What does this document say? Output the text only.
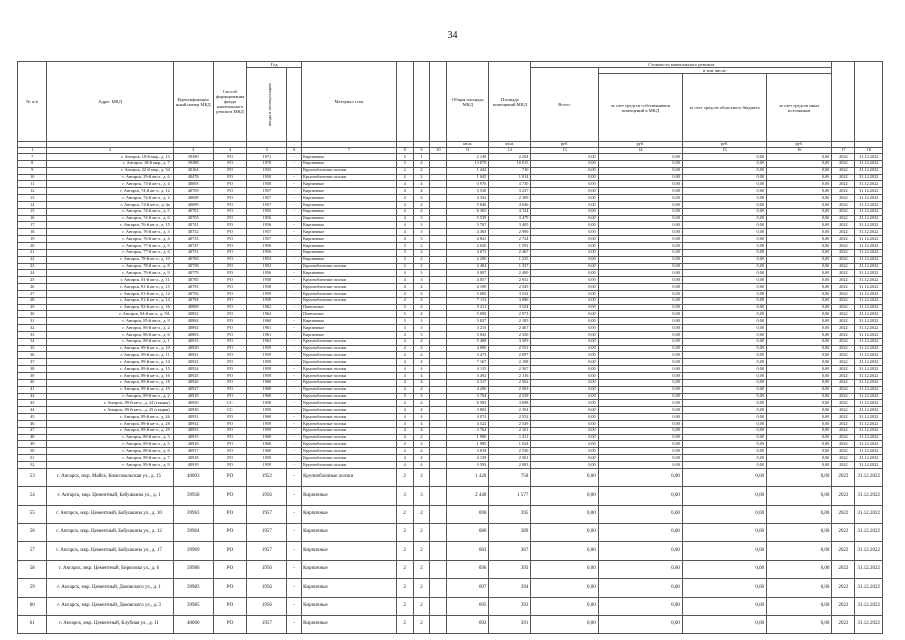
34
№ п/п	Адрес МКД	Идентификацио нный номер МКД	Способ формирования фонда капитального ремонта МКД	Год		Материал стен				Общая площадь МКД	Площадь помещений МКД	Стоимость капитального ремонта		
				ввода в эксплуатацию								Всего:	в том числе:				
													за счет средств собственников помещений в МКД	за счет средств областного бюджета	за счет средств иных источников		
										кв.м.	кв.м.	руб.	руб.	руб.	руб.		
1	2	3	4	5	6	7	8	9	10	11	12	13	14	15	16	17	18
7	г. Ангарск, 18-й мкр., д. 13	39390	РО	1971	-	Кирпичные	5	1		2 149	2 294	0,00	0,00	0,00	0,00	2022	31.12.2022
8	г. Ангарск, 18-й мкр., д. 7	39388	РО	1970	-	Кирпичные	5	4		13 879	10 915	0,00	0,00	0,00	0,00	2022	31.12.2022
9	г. Ангарск, 22-й мкр., д. 34	40164	РО	1933	-	Крупноблочные ползки	2	2		1 442	710	0,00	0,00	0,00	0,00	2022	31.12.2022
10	г. Ангарск, 29-й кв-л., д. 6	40478	РО	1950	-	Крупноблочные ползки	2	2		1 045	1 014	0,00	0,00	0,00	0,00	2022	31.12.2022
11	г. Ангарск, 73-й кв-л., д. 4	40693	РО	1958	-	Кирпичные	4	4		3 976	3 730	0,00	0,00	0,00	0,00	2022	31.12.2022
12	г. Ангарск, 74-й кв-л., д. 12	40709	РО	1957	-	Кирпичные	4	4		3 530	3 237	0,00	0,00	0,00	0,00	2022	31.12.2022
13	г. Ангарск, 74-й кв-л., д. 2	40698	РО	1957	-	Кирпичные	4	4		4 332	2 389	0,00	0,00	0,00	0,00	2022	31.12.2022
14	г. Ангарск, 74-й кв-л., д. 4а	40699	РО	1957	-	Кирпичные	4	4		5 846	4 046	0,00	0,00	0,00	0,00	2022	31.12.2022
15	г. Ангарск, 74-й кв-л., д. 5	40701	РО	1955	-	Кирпичные	4	4		6 365	4 124	0,00	0,00	0,00	0,00	2022	31.12.2022
16	г. Ангарск, 74-й кв-л., д. 6	40703	РО	1956	-	Кирпичные	4	3		5 539	3 479	0,00	0,00	0,00	0,00	2022	31.12.2022
17	г. Ангарск, 76-й кв-л., д. 15	40741	РО	1956	-	Кирпичные	4	3		3 767	3 405	0,00	0,00	0,00	0,00	2022	31.12.2022
18	г. Ангарск, 76-й кв-л., д. 3	40732	РО	1957	-	Кирпичные	4	3		4 363	2 990	0,00	0,00	0,00	0,00	2022	31.12.2022
19	г. Ангарск, 76-й кв-л., д. 4	40733	РО	1957	-	Кирпичные	4	3		4 841	2 724	0,00	0,00	0,00	0,00	2022	31.12.2022
20	г. Ангарск, 77-й кв-л., д. 5	40747	РО	1956	-	Кирпичные	3	2		2 630	1 591	0,00	0,00	0,00	0,00	2022	31.12.2022
21	г. Ангарск, 77-й кв-л., д. 6	40751	РО	1956	-	Кирпичные	3	2		4 673	2 467	0,00	0,00	0,00	0,00	2022	31.12.2022
22	г. Ангарск, 78-й кв-л., д. 10	40760	РО	1953	-	Кирпичные	3	2		2 290	1 235	0,00	0,00	0,00	0,00	2022	31.12.2022
23	г. Ангарск, 78-й кв-л., д. 8	40758	РО	1952	-	Крупноблочные ползки	2	2		2 404	1 337	0,00	0,00	0,00	0,00	2022	31.12.2022
24	г. Ангарск, 79-й кв-л., д. 9	40779	РО	1956	-	Кирпичные	4	3		4 007	2 490	0,00	0,00	0,00	0,00	2022	31.12.2022
25	г. Ангарск, 81-й кв-л., д. 11	40785	РО	1958	-	Крупноблочные ползки	4	3		4 057	2 931	0,00	0,00	0,00	0,00	2022	31.12.2022
26	г. Ангарск, 81-й кв-л., д. 15	40791	РО	1958	-	Крупноблочные ползки	4	4		4 190	2 545	0,00	0,00	0,00	0,00	2022	31.12.2022
27	г. Ангарск, 81-й кв-л., д. 12	40792	РО	1959	-	Крупноблочные ползки	4	4		5 685	3 532	0,00	0,00	0,00	0,00	2022	31.12.2022
28	г. Ангарск, 81-й кв-л., д. 14	40794	РО	1958	-	Крупноблочные ползки	4	4		7 113	3 086	0,00	0,00	0,00	0,00	2022	31.12.2022
29	г. Ангарск, 82-й кв-л., д. 16	40809	РО	1962	-	Панельные	5	4		5 411	3 524	0,00	0,00	0,00	0,00	2022	31.12.2022
30	г. Ангарск, 84-й кв-л., д. 9А	40852	РО	1962	-	Панельные	5	4		5 009	2 973	0,00	0,00	0,00	0,00	2022	31.12.2022
31	г. Ангарск, 85-й кв-л., д. 9	40862	РО	1960	-	Кирпичные	3	3		3 827	2 185	0,00	0,00	0,00	0,00	2022	31.12.2022
32	г. Ангарск, 86-й кв-л., д. 2	40892	РО	1961	-	Кирпичные	3	3		3 215	2 467	0,00	0,00	0,00	0,00	2022	31.12.2022
33	г. Ангарск, 86-й кв-л., д. 6	40893	РО	1961	-	Кирпичные	4	3		3 843	2 356	0,00	0,00	0,00	0,00	2022	31.12.2022
34	г. Ангарск, 88-й кв-л., д. 1	40913	РО	1963	-	Крупноблочные ползки	4	4		5 488	3 393	0,00	0,00	0,00	0,00	2022	31.12.2022
35	г. Ангарск, 89-й кв-л., д. 10	40920	РО	1959	-	Крупноблочные ползки	4	4		4 096	2 551	0,00	0,00	0,00	0,00	2022	31.12.2022
36	г. Ангарск, 89-й кв-л., д. 11	40921	РО	1959	-	Крупноблочные ползки	4	4		3 473	2 097	0,00	0,00	0,00	0,00	2022	31.12.2022
37	г. Ангарск, 89-й кв-л., д. 14	40922	РО	1959	-	Крупноблочные ползки	4	4		7 167	2 108	0,00	0,00	0,00	0,00	2022	31.12.2022
38	г. Ангарск, 89-й кв-л., д. 15	40924	РО	1959	-	Крупноблочные ползки	4	4		4 115	2 567	0,00	0,00	0,00	0,00	2022	31.12.2022
39	г. Ангарск, 89-й кв-л., д. 16	40925	РО	1959	-	Крупноблочные ползки	4	4		3 492	2 116	0,00	0,00	0,00	0,00	2022	31.12.2022
40	г. Ангарск, 89-й кв-л., д. 18	40926	РО	1960	-	Крупноблочные ползки	4	4		4 317	2 562	0,00	0,00	0,00	0,00	2022	31.12.2022
41	г. Ангарск, 89-й кв-л., д. 19	40927	РО	1960	-	Крупноблочные ползки	4	4		4 290	2 563	0,00	0,00	0,00	0,00	2022	31.12.2022
42	г. Ангарск, 89-й кв-л., д. 2	40918	РО	1960	-	Крупноблочные ползки	3	3		3 794	2 529	0,00	0,00	0,00	0,00	2022	31.12.2022
43	г. Ангарск, 89-й кв-л., д. 24 (секция)	40929	СС	1958	-	Крупноблочные ползки	4	4		6 583	3 698	0,00	0,00	0,00	0,00	2022	31.12.2022
44	г. Ангарск, 89-й кв-л., д. 25 (секция)	40930	СС	1959	-	Крупноблочные ползки	4	4		3 802	2 354	0,00	0,00	0,00	0,00	2022	31.12.2022
45	г. Ангарск, 89-й кв-л., д. 26	40931	РО	1960	-	Крупноблочные ползки	4	4		4 074	2 552	0,00	0,00	0,00	0,00	2022	31.12.2022
46	г. Ангарск, 89-й кв-л., д. 28	40932	РО	1959	-	Крупноблочные ползки	4	4		4 522	2 549	0,00	0,00	0,00	0,00	2022	31.12.2022
47	г. Ангарск, 89-й кв-л., д. 29	40933	РО	1959	-	Крупноблочные ползки	4	4		3 764	2 101	0,00	0,00	0,00	0,00	2022	31.12.2022
48	г. Ангарск, 89-й кв-л., д. 3	40915	РО	1960	-	Крупноблочные ползки	4	2		1 980	1 411	0,00	0,00	0,00	0,00	2022	31.12.2022
49	г. Ангарск, 89-й кв-л., д. 5	40916	РО	1960	-	Крупноблочные ползки	4	2		1 985	1 024	0,00	0,00	0,00	0,00	2022	31.12.2022
50	г. Ангарск, 89-й кв-л., д. 6	40917	РО	1960	-	Крупноблочные ползки	4	4		3 818	2 530	0,00	0,00	0,00	0,00	2022	31.12.2022
51	г. Ангарск, 89-й кв-л., д. 7	40918	РО	1959	-	Крупноблочные ползки	4	4		4 139	2 561	0,00	0,00	0,00	0,00	2022	31.12.2022
52	г. Ангарск, 89-й кв-л., д. 9	40919	РО	1959	-	Крупноблочные ползки	4	4		3 593	2 083	0,00	0,00	0,00	0,00	2022	31.12.2022
53	г. Ангарск, мкр. Майск, Комсомольская ул., д. 15	40003	РО	1952	-	Крупноблочные ползки	2	2		1 420	758	0,00	0,00	0,00	0,00	2022	31.12.2022
54	г. Ангарск, мкр. Цементный, Бабушкина ул., д. 1	39958	РО	1956	-	Кирпичные	3	3		2 440	1 577	0,00	0,00	0,00	0,00	2022	31.12.2022
55	г. Ангарск, мкр. Цементный, Бабушкина ул., д. 10	39963	РО	1957	-	Кирпичные	2	2		696	395	0,00	0,00	0,00	0,00	2022	31.12.2022
56	г. Ангарск, мкр. Цементный, Бабушкина ул., д. 12	39964	РО	1957	-	Кирпичные	2	2		686	389	0,00	0,00	0,00	0,00	2022	31.12.2022
57	г. Ангарск, мкр. Цементный, Бабушкина ул., д. 17	39969	РО	1957	-	Кирпичные	2	2		683	367	0,00	0,00	0,00	0,00	2022	31.12.2022
58	г. Ангарск, мкр. Цементный, Бирюзова ул., д. 6	39986	РО	1956	-	Кирпичные	2	2		696	393	0,00	0,00	0,00	0,00	2022	31.12.2022
59	г. Ангарск, мкр. Цементный, Доковского ул., д. 1	39983	РО	1956	-	Кирпичные	2	2		697	394	0,00	0,00	0,00	0,00	2022	31.12.2022
60	г. Ангарск, мкр. Цементный, Доковского ул., д. 3	39985	РО	1956	-	Кирпичные	2	2		695	393	0,00	0,00	0,00	0,00	2022	31.12.2022
61	г. Ангарск, мкр. Цементный, Клубная ул., д. 11	40000	РО	1957	-	Кирпичные	2	2		692	391	0,00	0,00	0,00	0,00	2022	31.12.2022
